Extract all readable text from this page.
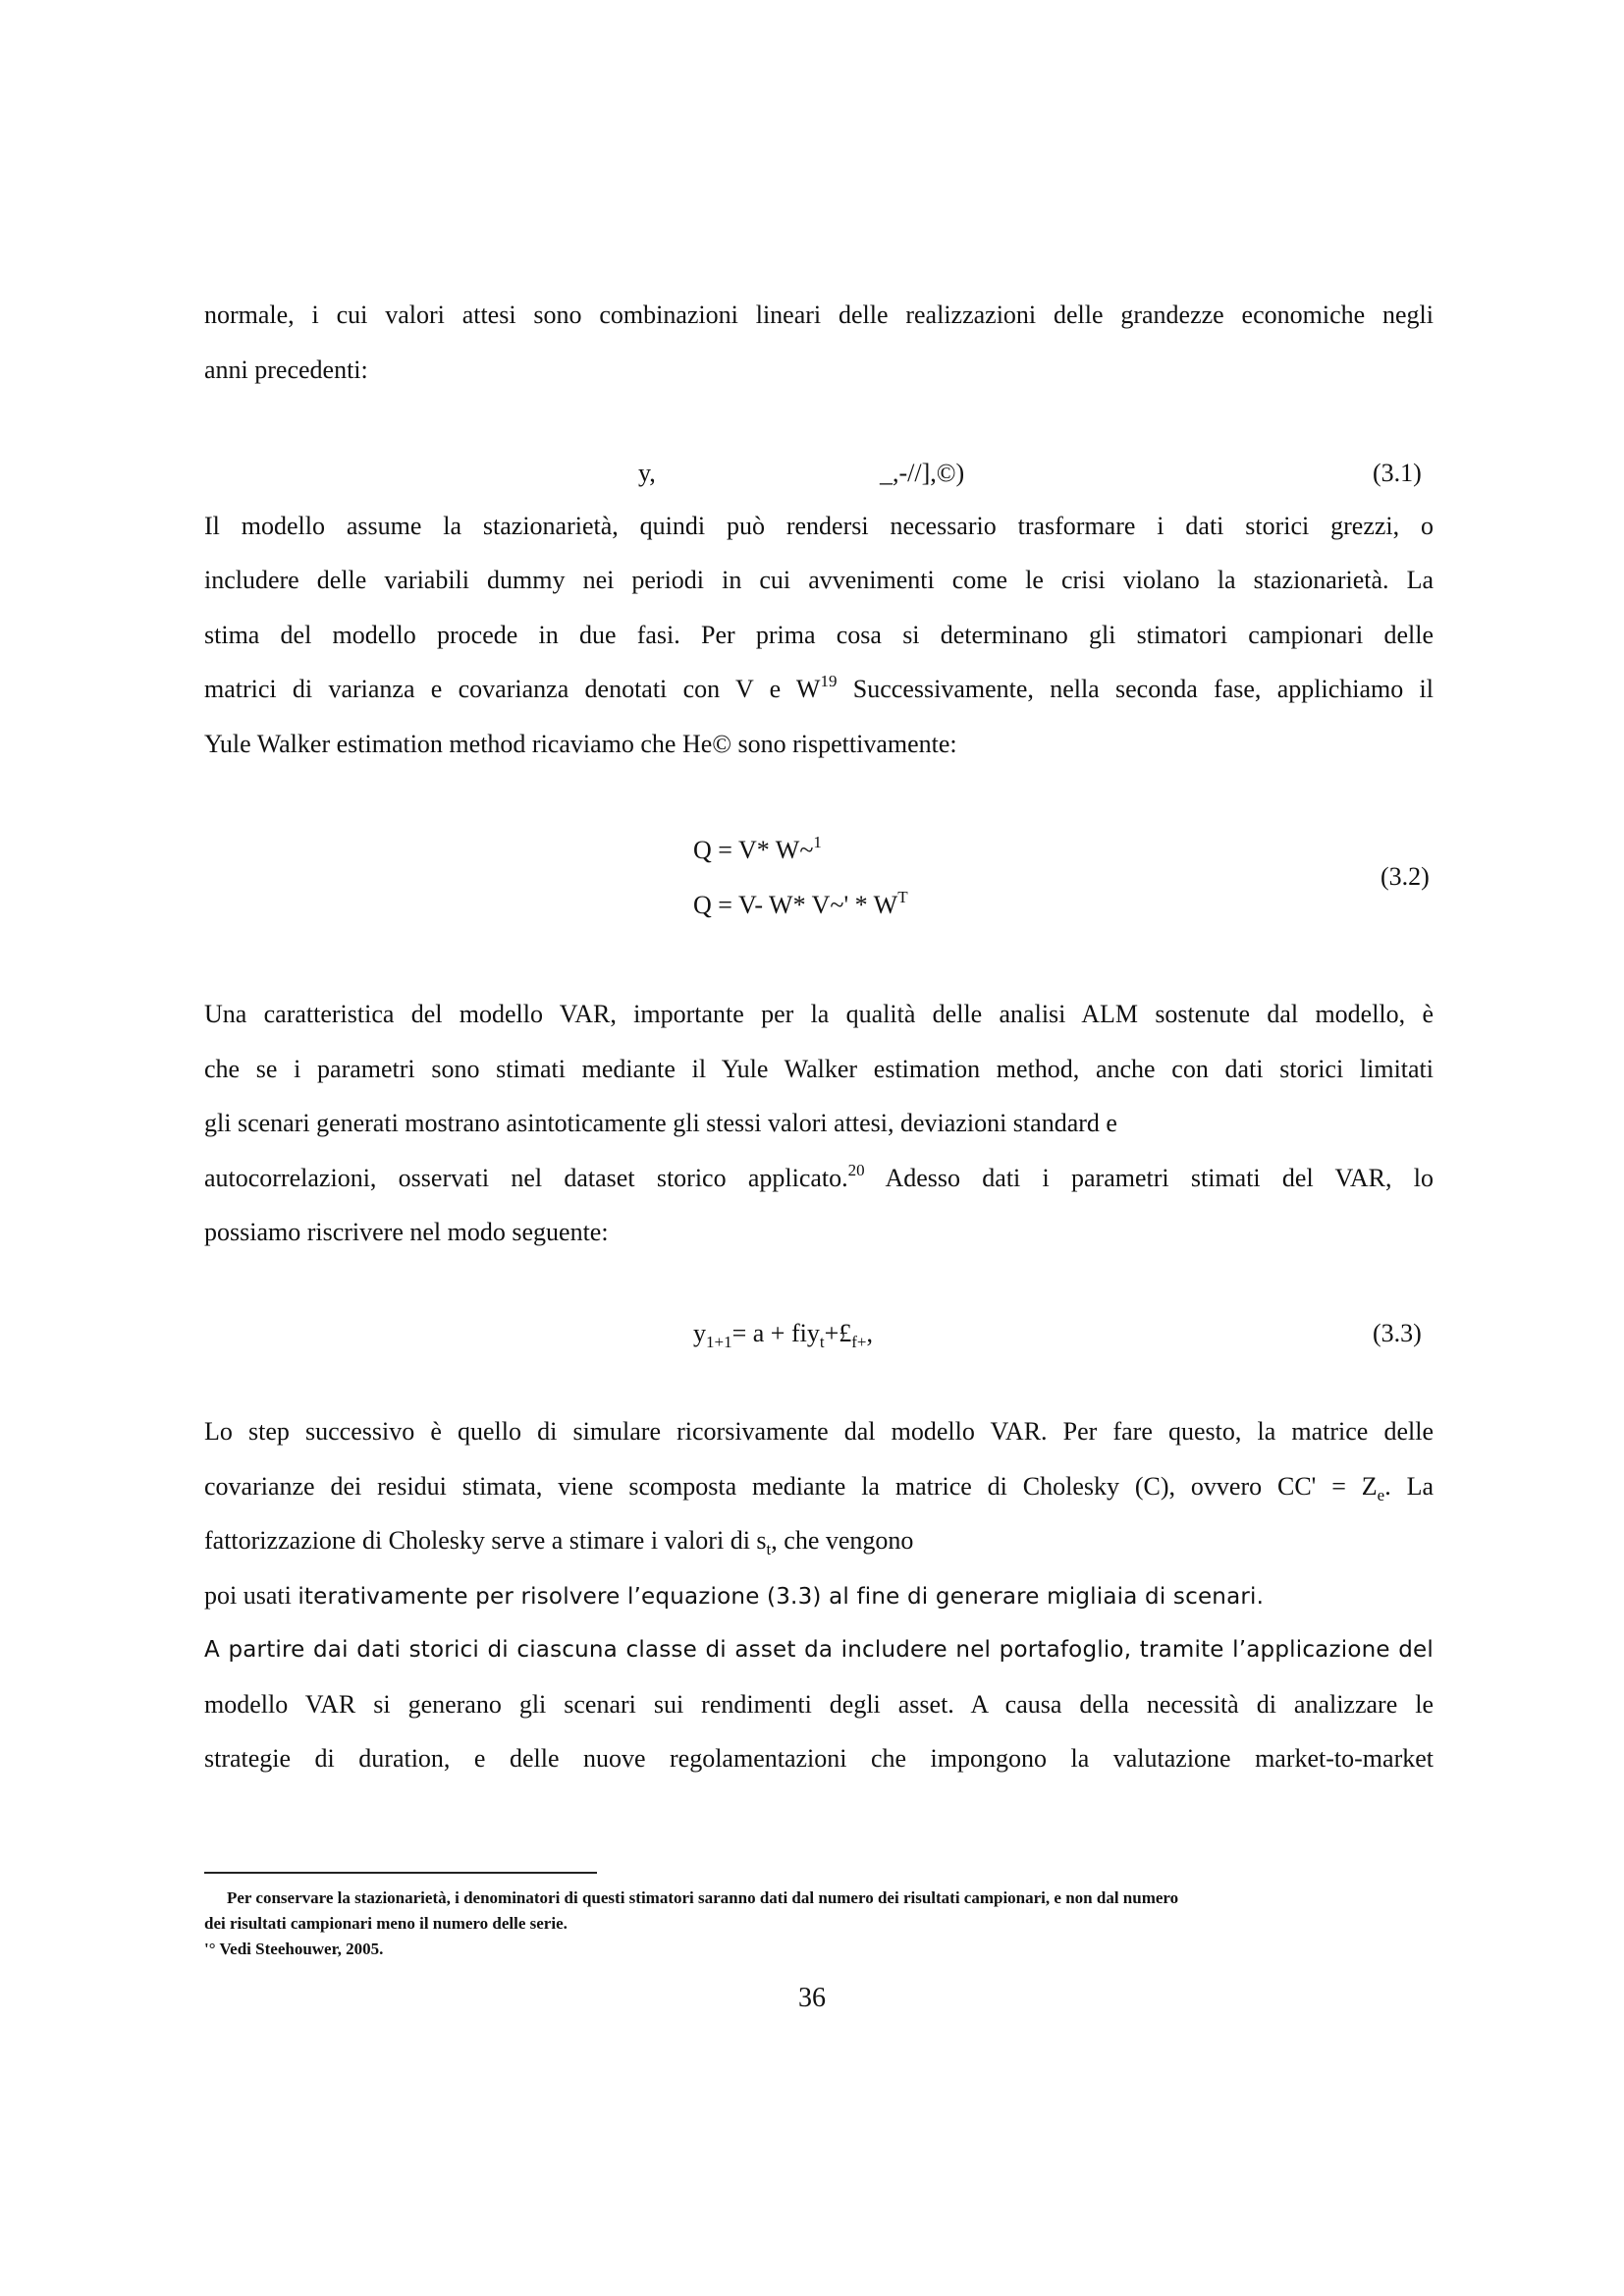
normale, i cui valori attesi sono combinazioni lineari delle realizzazioni delle grandezze economiche negli
anni precedenti:
y,	_,-//],©)	(3.1)
Il modello assume la stazionarietà, quindi può rendersi necessario trasformare i dati storici grezzi, o
includere delle variabili dummy nei periodi in cui avvenimenti come le crisi violano la stazionarietà. La
stima del modello procede in due fasi. Per prima cosa si determinano gli stimatori campionari delle
matrici di varianza e covarianza denotati con V e W$^{19}$ Successivamente, nella seconda fase, applichiamo il
Yule Walker estimation method ricaviamo che He© sono rispettivamente:
Q = V* W~$^1$
Q = V- W* V~' * W$^T$
(3.2)
Una caratteristica del modello VAR, importante per la qualità delle analisi ALM sostenute dal modello, è
che se i parametri sono stimati mediante il Yule Walker estimation method, anche con dati storici limitati
gli scenari generati mostrano asintoticamente gli stessi valori attesi, deviazioni standard e
autocorrelazioni, osservati nel dataset storico applicato.$^{20}$ Adesso dati i parametri stimati del VAR, lo
possiamo riscrivere nel modo seguente:
$y_{1+1}= a$ + $fiy_t+£_{f+}$,	(3.3)
Lo step successivo è quello di simulare ricorsivamente dal modello VAR. Per fare questo, la matrice delle
covarianze dei residui stimata, viene scomposta mediante la matrice di Cholesky (C), ovvero $CC' = Z_e$. La
fattorizzazione di Cholesky serve a stimare i valori di $s_t$, che vengono
poi usati iterativamente per risolvere l’equazione (3.3) al fine di generare migliaia di scenari.
A partire dai dati storici di ciascuna classe di asset da includere nel portafoglio, tramite l’applicazione del
modello VAR si generano gli scenari sui rendimenti degli asset. A causa della necessità di analizzare le
strategie di duration, e delle nuove regolamentazioni che impongono la valutazione market-to-market
Per conservare la stazionarietà, i denominatori di questi stimatori saranno dati dal numero dei risultati campionari, e non dal numero
dei risultati campionari meno il numero delle serie.
'° Vedi Steehouwer, 2005.
36
